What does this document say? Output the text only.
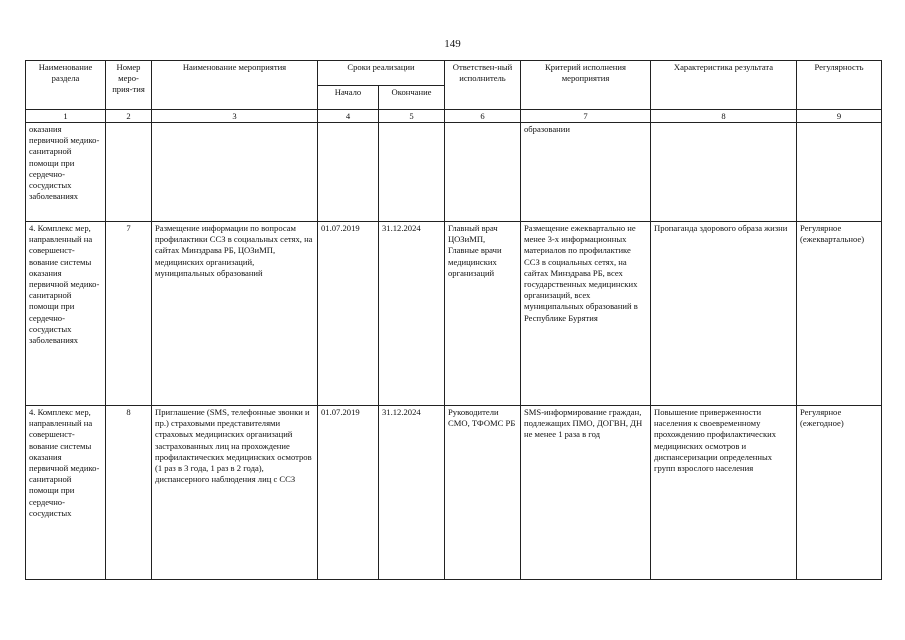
149
Наименование раздела	Номер меро-прия-тия	Наименование мероприятия	Сроки реализации		Ответствен-ный исполнитель	Критерий исполнения мероприятия	Характеристика результата	Регулярность
			Начало	Окончание				
1	2	3	4	5	6	7	8	9
оказания первичной медико-санитарной помощи при сердечно-сосудистых заболеваниях						образовании		
4. Комплекс мер, направленный на совершенст-вование системы оказания первичной медико-санитарной помощи при сердечно-сосудистых заболеваниях	7	Размещение информации по вопросам профилактики ССЗ в социальных сетях, на сайтах Минздрава РБ, ЦОЗиМП, медицинских организаций, муниципальных образований	01.07.2019	31.12.2024	Главный врач ЦОЗиМП, Главные врачи медицинских организаций	Размещение ежеквартально не менее 3-х информационных материалов по профилактике ССЗ в социальных сетях, на сайтах Минздрава РБ, всех государственных медицинских организаций, всех муниципальных образований в Республике Бурятия	Пропаганда здорового образа жизни	Регулярное (ежеквартальное)
4. Комплекс мер, направленный на совершенст-вование системы оказания первичной медико-санитарной помощи при сердечно-сосудистых	8	Приглашение (SMS, телефонные звонки и пр.) страховыми представителями страховых медицинских организаций застрахованных лиц на прохождение профилактических медицинских осмотров (1 раз в 3 года, 1 раз в 2 года), диспансерного наблюдения лиц с ССЗ	01.07.2019	31.12.2024	Руководители СМО, ТФОМС РБ	SMS-информирование граждан, подлежащих ПМО, ДОГВН, ДН не менее 1 раза в год	Повышение приверженности населения к своевременному прохождению профилактических медицинских осмотров и диспансеризации определенных групп взрослого населения	Регулярное (ежегодное)
